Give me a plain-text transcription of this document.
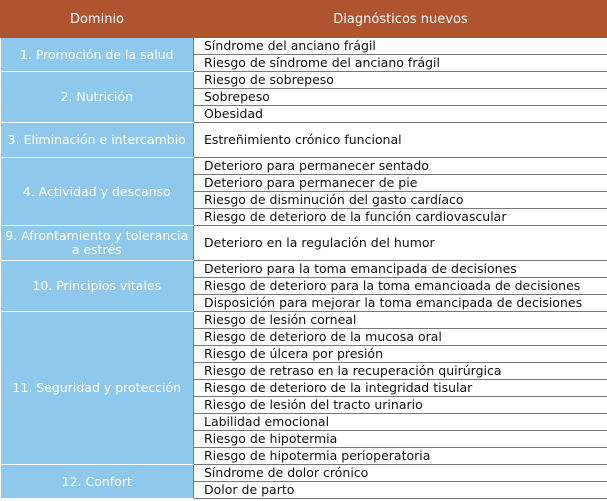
Dominio	Diagnósticos nuevos
1. Promoción de la salud	Síndrome del anciano frágil
	Riesgo de síndrome del anciano frágil
2. Nutrición	Riesgo de sobrepeso
	Sobrepeso
	Obesidad
3. Eliminación e intercambio	Estreñimiento crónico funcional
4. Actividad y descanso	Deterioro para permanecer sentado
	Deterioro para permanecer de pie
	Riesgo de disminución del gasto cardíaco
	Riesgo de deterioro de la función cardiovascular
9. Afrontamiento y tolerancia a estrés	Deterioro en la regulación del humor
10. Principios vitales	Deterioro para la toma emancipada de decisiones
	Riesgo de deterioro para la toma emancioada de decisiones
	Disposición para mejorar la toma emancipada de decisiones
11. Seguridad y protección	Riesgo de lesión corneal
	Riesgo de deterioro de la mucosa oral
	Riesgo de úlcera por presión
	Riesgo de retraso en la recuperación quirúrgica
	Riesgo de deterioro de la integridad tisular
	Riesgo de lesión del tracto urinario
	Labilidad emocional
	Riesgo de hipotermia
	Riesgo de hipotermia perioperatoria
12. Confort	Síndrome de dolor crónico
	Dolor de parto
